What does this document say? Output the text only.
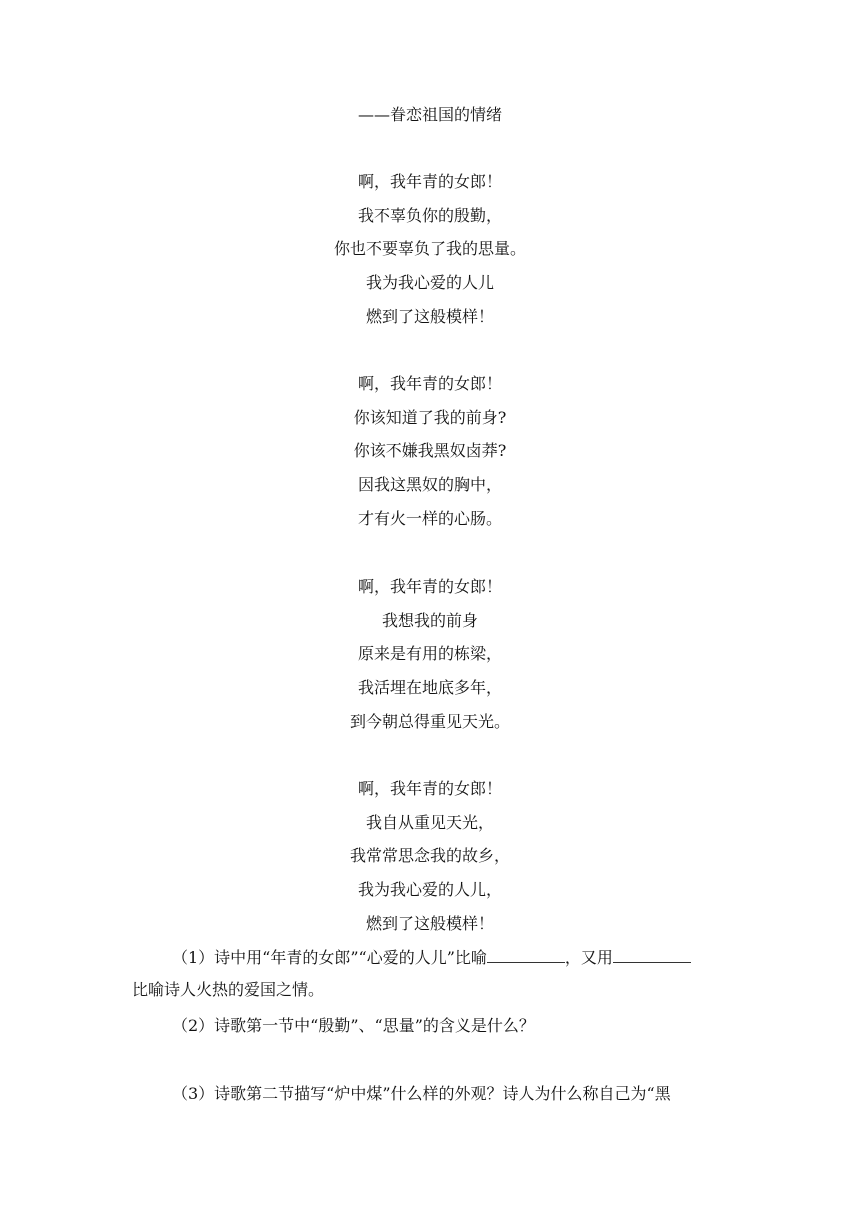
——眷恋祖国的情绪
啊，我年青的女郎！
我不辜负你的殷勤，
你也不要辜负了我的思量。
我为我心爱的人儿
燃到了这般模样！
啊，我年青的女郎！
你该知道了我的前身?
你该不嫌我黑奴卤莽?
因我这黑奴的胸中，
才有火一样的心肠。
啊，我年青的女郎！
我想我的前身
原来是有用的栋梁，
我活埋在地底多年，
到今朝总得重见天光。
啊，我年青的女郎！
我自从重见天光，
我常常思念我的故乡，
我为我心爱的人儿，
燃到了这般模样！
（1）诗中用“年青的女郎”“心爱的人儿”比喻	，又用
比喻诗人火热的爱国之情。
（2）诗歌第一节中“殷勤”、“思量”的含义是什么？
（3）诗歌第二节描写“炉中煤”什么样的外观？诗人为什么称自己为“黑
